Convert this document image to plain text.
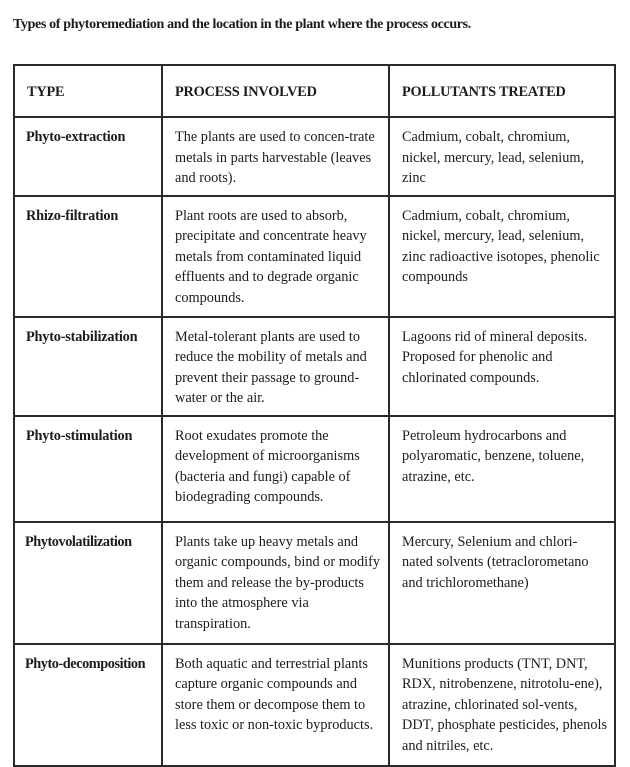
Types of phytoremediation and the location in the plant where the process occurs.
TYPE	PROCESS INVOLVED	POLLUTANTS TREATED

Phyto-extraction	The plants are used to concen-trate metals in parts harvestable (leaves and roots).	Cadmium, cobalt, chromium, nickel, mercury, lead, selenium, zinc

Rhizo-filtration	Plant roots are used to absorb, precipitate and concentrate heavy metals from contaminated liquid effluents and to degrade organic compounds.	Cadmium, cobalt, chromium, nickel, mercury, lead, selenium, zinc radioactive isotopes, phenolic compounds

Phyto-stabilization	Metal-tolerant plants are used to reduce the mobility of metals and prevent their passage to ground-water or the air.	Lagoons rid of mineral deposits. Proposed for phenolic and chlorinated compounds.

Phyto-stimulation	Root exudates promote the development of microorganisms (bacteria and fungi) capable of biodegrading compounds.	Petroleum hydrocarbons and polyaromatic, benzene, toluene, atrazine, etc.

Phytovolatilization	Plants take up heavy metals and organic compounds, bind or modify them and release the by-products into the atmosphere via transpiration.	Mercury, Selenium and chlori-nated solvents (tetraclorometano and trichloromethane)

Phyto-decomposition	Both aquatic and terrestrial plants capture organic compounds and store them or decompose them to less toxic or non-toxic byproducts.	Munitions products (TNT, DNT, RDX, nitrobenzene, nitrotolu-ene), atrazine, chlorinated sol-vents, DDT, phosphate pesticides, phenols and nitriles, etc.
